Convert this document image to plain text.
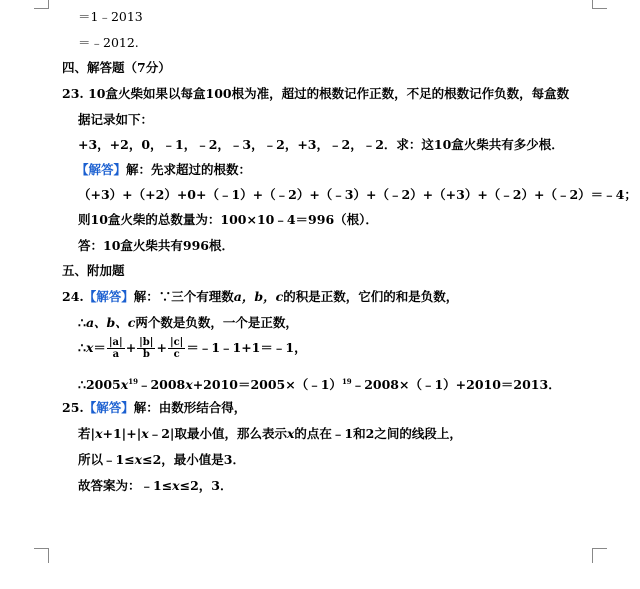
＝1﹣2013
＝﹣2012.
四、解答题（7分）
23. 10盒火柴如果以每盒100根为准，超过的根数记作正数，不足的根数记作负数，每盒数
据记录如下：
+3，+2，0，﹣1，﹣2，﹣3，﹣2，+3，﹣2，﹣2．求：这10盒火柴共有多少根．
【解答】解：先求超过的根数：
（+3）+（+2）+0+（﹣1）+（﹣2）+（﹣3）+（﹣2）+（+3）+（﹣2）+（﹣2）＝﹣4；
则10盒火柴的总数量为：100×10﹣4＝996（根）．
答：10盒火柴共有996根．
五、附加题
24.【解答】解：∵三个有理数a，b，c的积是正数，它们的和是负数，
∴a、b、c两个数是负数，一个是正数，
∴x＝ $\frac{|a|}{a} + \frac{|b|}{b} + \frac{|c|}{c}$ ＝﹣1﹣1+1＝﹣1，
$\therefore 2005x^{19}﹣2008x+2010=2005\times(﹣1)^{19}﹣2008\times(﹣1)+2010=2013$．
25.【解答】解：由数形结合得，
若|x+1|+|x﹣2|取最小值，那么表示x的点在﹣1和2之间的线段上，
所以﹣1≤x≤2，最小值是3．
故答案为：﹣1≤x≤2，3．
